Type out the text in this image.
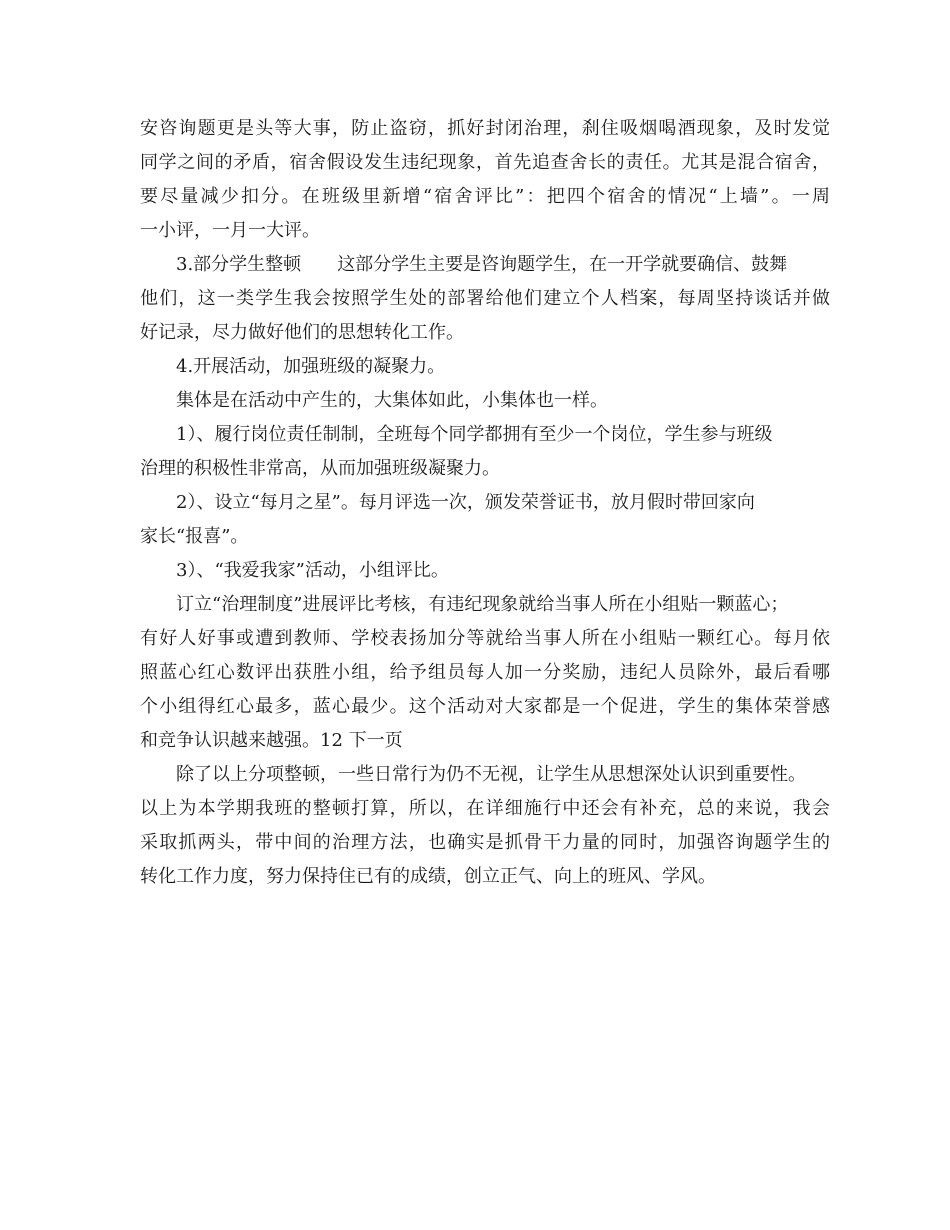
安咨询题更是头等大事，防止盗窃，抓好封闭治理，刹住吸烟喝酒现象，及时发觉
同学之间的矛盾，宿舍假设发生违纪现象，首先追查舍长的责任。尤其是混合宿舍，
要尽量减少扣分。在班级里新增“宿舍评比”：把四个宿舍的情况“上墙”。一周
一小评，一月一大评。
3.部分学生整顿 这部分学生主要是咨询题学生，在一开学就要确信、鼓舞
他们，这一类学生我会按照学生处的部署给他们建立个人档案，每周坚持谈话并做
好记录，尽力做好他们的思想转化工作。
4.开展活动，加强班级的凝聚力。
集体是在活动中产生的，大集体如此，小集体也一样。
1）、履行岗位责任制制，全班每个同学都拥有至少一个岗位，学生参与班级
治理的积极性非常高，从而加强班级凝聚力。
2）、设立“每月之星”。每月评选一次，颁发荣誉证书，放月假时带回家向
家长“报喜”。
3）、“我爱我家”活动，小组评比。
订立“治理制度”进展评比考核，有违纪现象就给当事人所在小组贴一颗蓝心；
有好人好事或遭到教师、学校表扬加分等就给当事人所在小组贴一颗红心。每月依
照蓝心红心数评出获胜小组，给予组员每人加一分奖励，违纪人员除外，最后看哪
个小组得红心最多，蓝心最少。这个活动对大家都是一个促进，学生的集体荣誉感
和竞争认识越来越强。12 下一页
除了以上分项整顿，一些日常行为仍不无视，让学生从思想深处认识到重要性。
以上为本学期我班的整顿打算，所以，在详细施行中还会有补充，总的来说，我会
采取抓两头，带中间的治理方法，也确实是抓骨干力量的同时，加强咨询题学生的
转化工作力度，努力保持住已有的成绩，创立正气、向上的班风、学风。
